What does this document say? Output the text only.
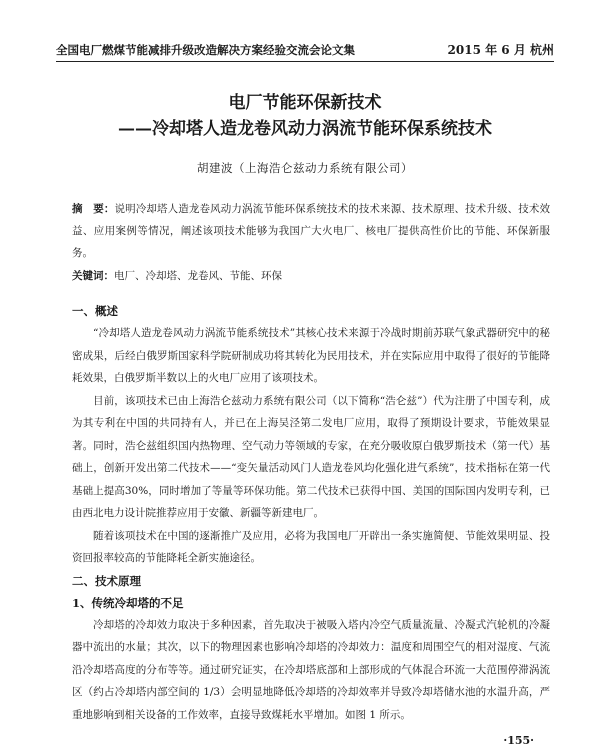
全国电厂燃煤节能减排升级改造解决方案经验交流会论文集	2015 年 6 月 杭州
电厂节能环保新技术
——冷却塔人造龙卷风动力涡流节能环保系统技术
胡建波（上海浩仑兹动力系统有限公司）
摘　要：说明冷却塔人造龙卷风动力涡流节能环保系统技术的技术来源、技术原理、技术升级、技术效益、应用案例等情况，阐述该项技术能够为我国广大火电厂、核电厂提供高性价比的节能、环保新服务。
关键词：电厂、冷却塔、龙卷风、节能、环保
一、概述

“冷却塔人造龙卷风动力涡流节能系统技术”其核心技术来源于冷战时期前苏联气象武器研究中的秘密成果，后经白俄罗斯国家科学院研制成功将其转化为民用技术，并在实际应用中取得了很好的节能降耗效果，白俄罗斯半数以上的火电厂应用了该项技术。

目前，该项技术已由上海浩仑兹动力系统有限公司（以下简称“浩仑兹”）代为注册了中国专利，成为其专利在中国的共同持有人，并已在上海吴泾第二发电厂应用，取得了预期设计要求，节能效果显著。同时，浩仑兹组织国内热物理、空气动力等领域的专家，在充分吸收原白俄罗斯技术（第一代）基础上，创新开发出第二代技术——“变矢量活动风门人造龙卷风均化强化进气系统”，技术指标在第一代基础上提高30%，同时增加了等量等环保功能。第二代技术已获得中国、美国的国际国内发明专利，已由西北电力设计院推荐应用于安徽、新疆等新建电厂。

随着该项技术在中国的逐渐推广及应用，必将为我国电厂开辟出一条实施简便、节能效果明显、投资回报率较高的节能降耗全新实施途径。

二、技术原理
1、传统冷却塔的不足

冷却塔的冷却效力取决于多种因素，首先取决于被吸入塔内冷空气质量流量、冷凝式汽轮机的冷凝器中流出的水量；其次，以下的物理因素也影响冷却塔的冷却效力：温度和周围空气的相对湿度、气流沿冷却塔高度的分布等等。通过研究证实，在冷却塔底部和上部形成的气体混合环流一大范围停滞涡流区（约占冷却塔内部空间的 1/3）会明显地降低冷却塔的冷却效率并导致冷却塔储水池的水温升高，严重地影响到相关设备的工作效率，直接导致煤耗水平增加。如图 1 所示。

·155·
